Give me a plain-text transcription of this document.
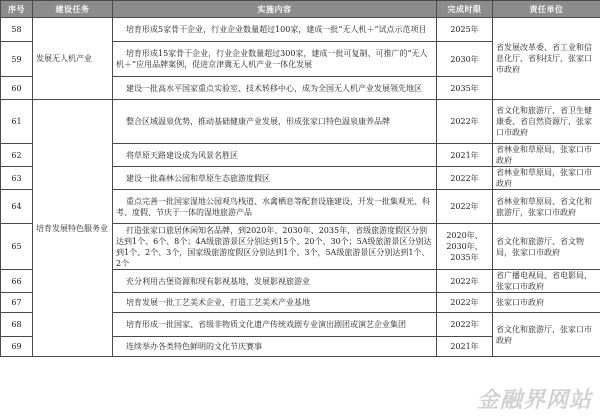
序号	建设任务	实施内容	完成时限	责任单位
58	发展无人机产业	培育形成5家骨干企业，行业企业数量超过100家，建成一批“无人机＋”试点示范项目	2025年	省发展改革委、省工业和信息化厅、省科技厅，张家口市政府
59		培育形成15家骨干企业，行业企业数量超过300家，建成一批可复制、可推广的“无人机＋”应用品牌案例，促进京津冀无人机产业一体化发展	2030年	
60		建设一批高水平国家重点实验室、技术转移中心，成为全国无人机产业发展领先地区	2035年	
61	培育发展特色服务业	整合区域温泉优势，推动基础健康产业发展，形成张家口特色温泉康养品牌	2022年	省文化和旅游厅、省卫生健康委、省自然资源厅，张家口市政府
62		将草原天路建设成为风景名胜区	2021年	省林业和草原局，张家口市政府
63		建设一批森林公园和草原生态旅游度假区	2022年	省林业和草原局，张家口市政府
64		重点完善一批国家湿地公园观鸟栈道、水禽栖息等配套设施建设，开发一批集观光、科考、度假、节庆于一体的湿地旅游产品	2022年	省林业和草原局、省文化和旅游厅，张家口市政府
65		打造张家口旅居休闲知名品牌，到2020年、2030年、2035年，省级旅游度假区分别达到1个、6个、8个；4A级旅游景区分别达到15个、20个、30个；5A级旅游景区分别达到1个、2个、3个，国家级旅游度假区分别达到1个、3个，5A级旅游景区分别达到1个、2个	2020年、2030年、2035年	省文化和旅游厅、省文物局，张家口市政府
66		充分利用古堡资源和现有影视基地，发展影视旅游业	2022年	省广播电视局、省电影局，张家口市政府
67		培育发展一批工艺美术企业，打造工艺美术产业基地	2022年	张家口市政府
68		培育形成一批国家、省级非物质文化遗产传统戏剧专业演出剧团或演艺企业集团	2022年	省文化和旅游厅，张家口市政府
69		连续举办各类特色鲜明的文化节庆赛事	2021年	
金融界网站
